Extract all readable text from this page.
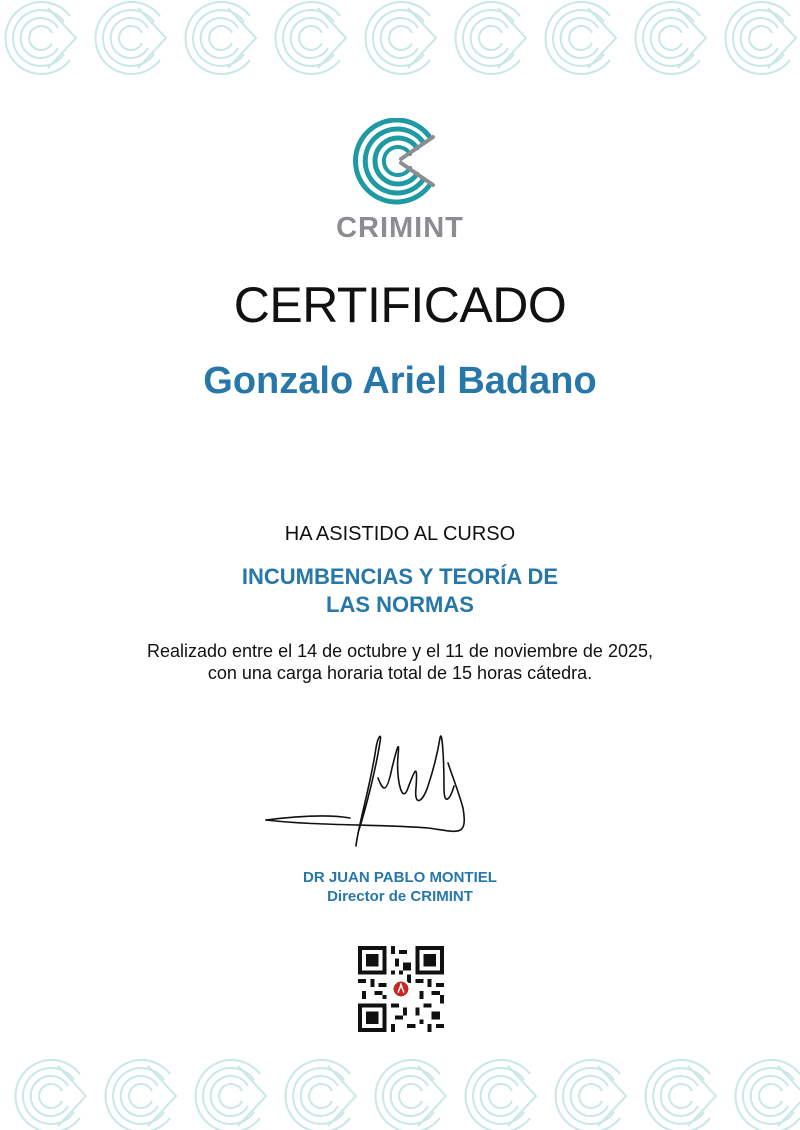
CRIMINT
CERTIFICADO
Gonzalo Ariel Badano
HA ASISTIDO AL CURSO
INCUMBENCIAS Y TEORÍA DE
LAS NORMAS
Realizado entre el 14 de octubre y el 11 de noviembre de 2025,
con una carga horaria total de 15 horas cátedra.
DR JUAN PABLO MONTIEL
Director de CRIMINT
